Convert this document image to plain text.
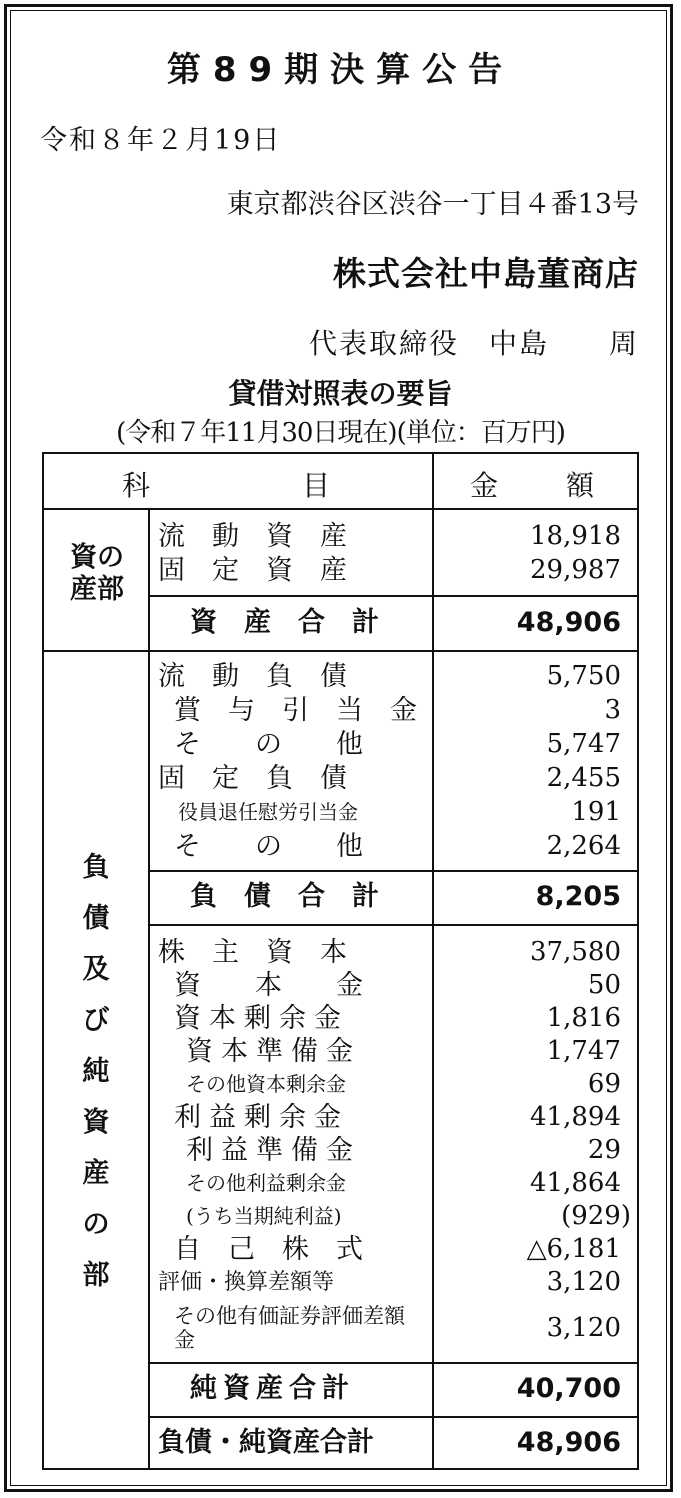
第89期決算公告
令和８年２月19日
東京都渋谷区渋谷一丁目４番13号
株式会社中島董商店
代表取締役　中島　　周
貸借対照表の要旨
(令和７年11月30日現在)(単位：百万円)
科　　　　　目	金　　額
資の産部
流　動　資　産	18,918
固　定　資　産	29,987
資　産　合　計	48,906
負債及び純資産の部
流　動　負　債	5,750
賞　与　引　当　金	3
そ　　の　　他	5,747
固　定　負　債	2,455
役員退任慰労引当金	191
そ　　の　　他	2,264
負　債　合　計	8,205
株　主　資　本	37,580
資　　本　　金	50
資本剰余金	1,816
資本準備金	1,747
その他資本剰余金	69
利益剰余金	41,894
利益準備金	29
その他利益剰余金	41,864
(うち当期純利益)	(929)
自　己　株　式	△6,181
評価・換算差額等	3,120
その他有価証券評価差額金	3,120
純資産合計	40,700
負債・純資産合計	48,906
